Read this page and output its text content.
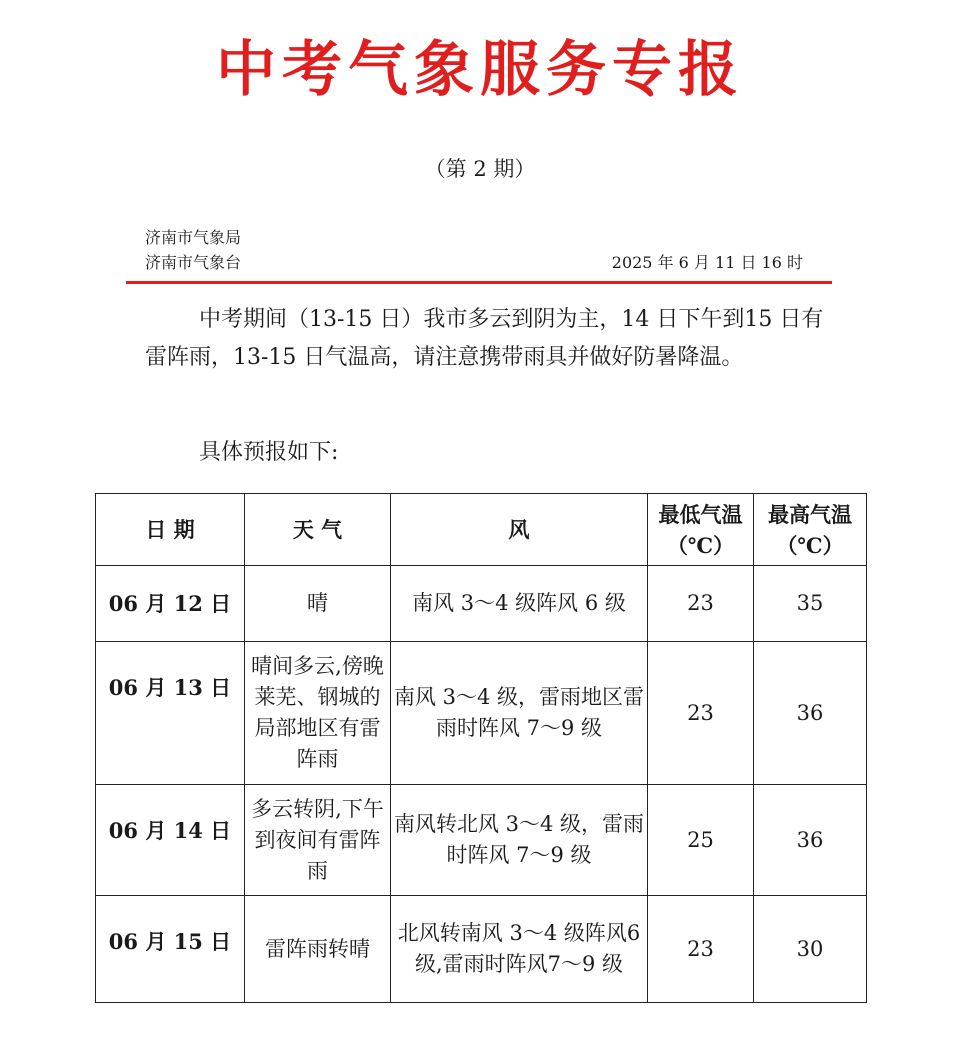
中考气象服务专报
（第 2 期）
济南市气象局
济南市气象台	2025 年 6 月 11 日 16 时
中考期间（13-15 日）我市多云到阴为主，14 日下午到15 日有雷阵雨，13-15 日气温高，请注意携带雨具并做好防暑降温。
具体预报如下:
日 期	天 气	风	最低气温（℃）	最高气温（℃）
06 月 12 日	晴	南风 3～4 级阵风 6 级	23	35
06 月 13 日	晴间多云,傍晚莱芜、钢城的局部地区有雷阵雨	南风 3～4 级，雷雨地区雷雨时阵风 7～9 级	23	36
06 月 14 日	多云转阴,下午到夜间有雷阵雨	南风转北风 3～4 级，雷雨时阵风 7～9 级	25	36
06 月 15 日	雷阵雨转晴	北风转南风 3～4 级阵风6级,雷雨时阵风7～9 级	23	30
